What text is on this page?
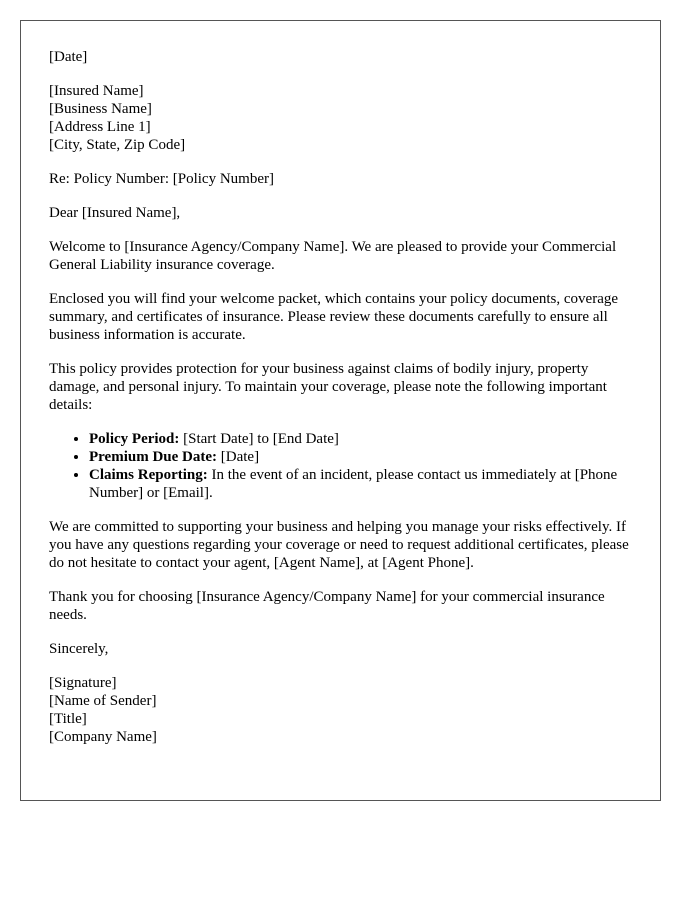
[Date]

[Insured Name]
[Business Name]
[Address Line 1]
[City, State, Zip Code]

Re: Policy Number: [Policy Number]

Dear [Insured Name],

Welcome to [Insurance Agency/Company Name]. We are pleased to provide your Commercial General Liability insurance coverage.

Enclosed you will find your welcome packet, which contains your policy documents, coverage summary, and certificates of insurance. Please review these documents carefully to ensure all business information is accurate.

This policy provides protection for your business against claims of bodily injury, property damage, and personal injury. To maintain your coverage, please note the following important details:

• Policy Period: [Start Date] to [End Date]
• Premium Due Date: [Date]
• Claims Reporting: In the event of an incident, please contact us immediately at [Phone Number] or [Email].

We are committed to supporting your business and helping you manage your risks effectively. If you have any questions regarding your coverage or need to request additional certificates, please do not hesitate to contact your agent, [Agent Name], at [Agent Phone].

Thank you for choosing [Insurance Agency/Company Name] for your commercial insurance needs.

Sincerely,

[Signature]
[Name of Sender]
[Title]
[Company Name]
